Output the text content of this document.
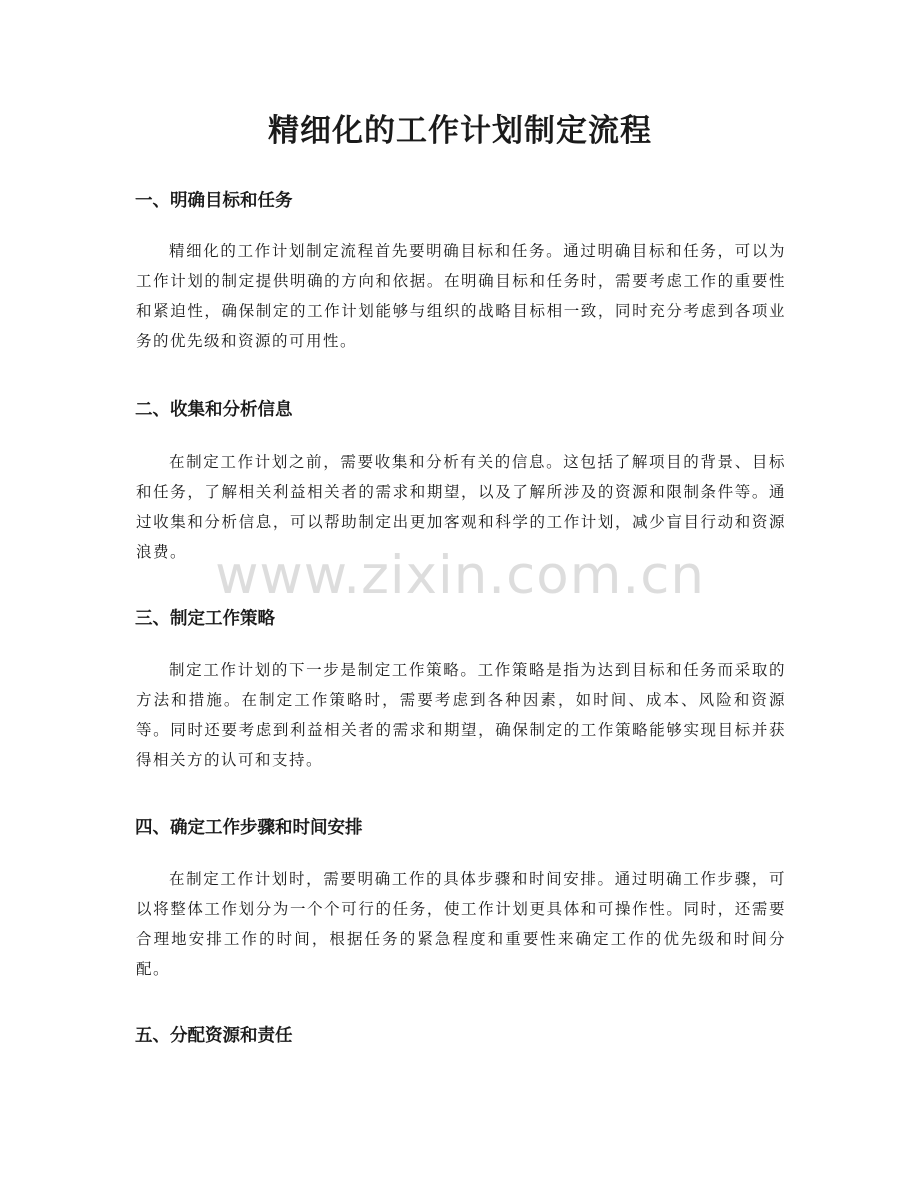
精细化的工作计划制定流程
一、明确目标和任务

精细化的工作计划制定流程首先要明确目标和任务。通过明确目标和任务，可以为工作计划的制定提供明确的方向和依据。在明确目标和任务时，需要考虑工作的重要性和紧迫性，确保制定的工作计划能够与组织的战略目标相一致，同时充分考虑到各项业务的优先级和资源的可用性。

二、收集和分析信息

在制定工作计划之前，需要收集和分析有关的信息。这包括了解项目的背景、目标和任务，了解相关利益相关者的需求和期望，以及了解所涉及的资源和限制条件等。通过收集和分析信息，可以帮助制定出更加客观和科学的工作计划，减少盲目行动和资源浪费。

三、制定工作策略

制定工作计划的下一步是制定工作策略。工作策略是指为达到目标和任务而采取的方法和措施。在制定工作策略时，需要考虑到各种因素，如时间、成本、风险和资源等。同时还要考虑到利益相关者的需求和期望，确保制定的工作策略能够实现目标并获得相关方的认可和支持。

四、确定工作步骤和时间安排

在制定工作计划时，需要明确工作的具体步骤和时间安排。通过明确工作步骤，可以将整体工作划分为一个个可行的任务，使工作计划更具体和可操作性。同时，还需要合理地安排工作的时间，根据任务的紧急程度和重要性来确定工作的优先级和时间分配。

五、分配资源和责任
www.zixin.com.cn
